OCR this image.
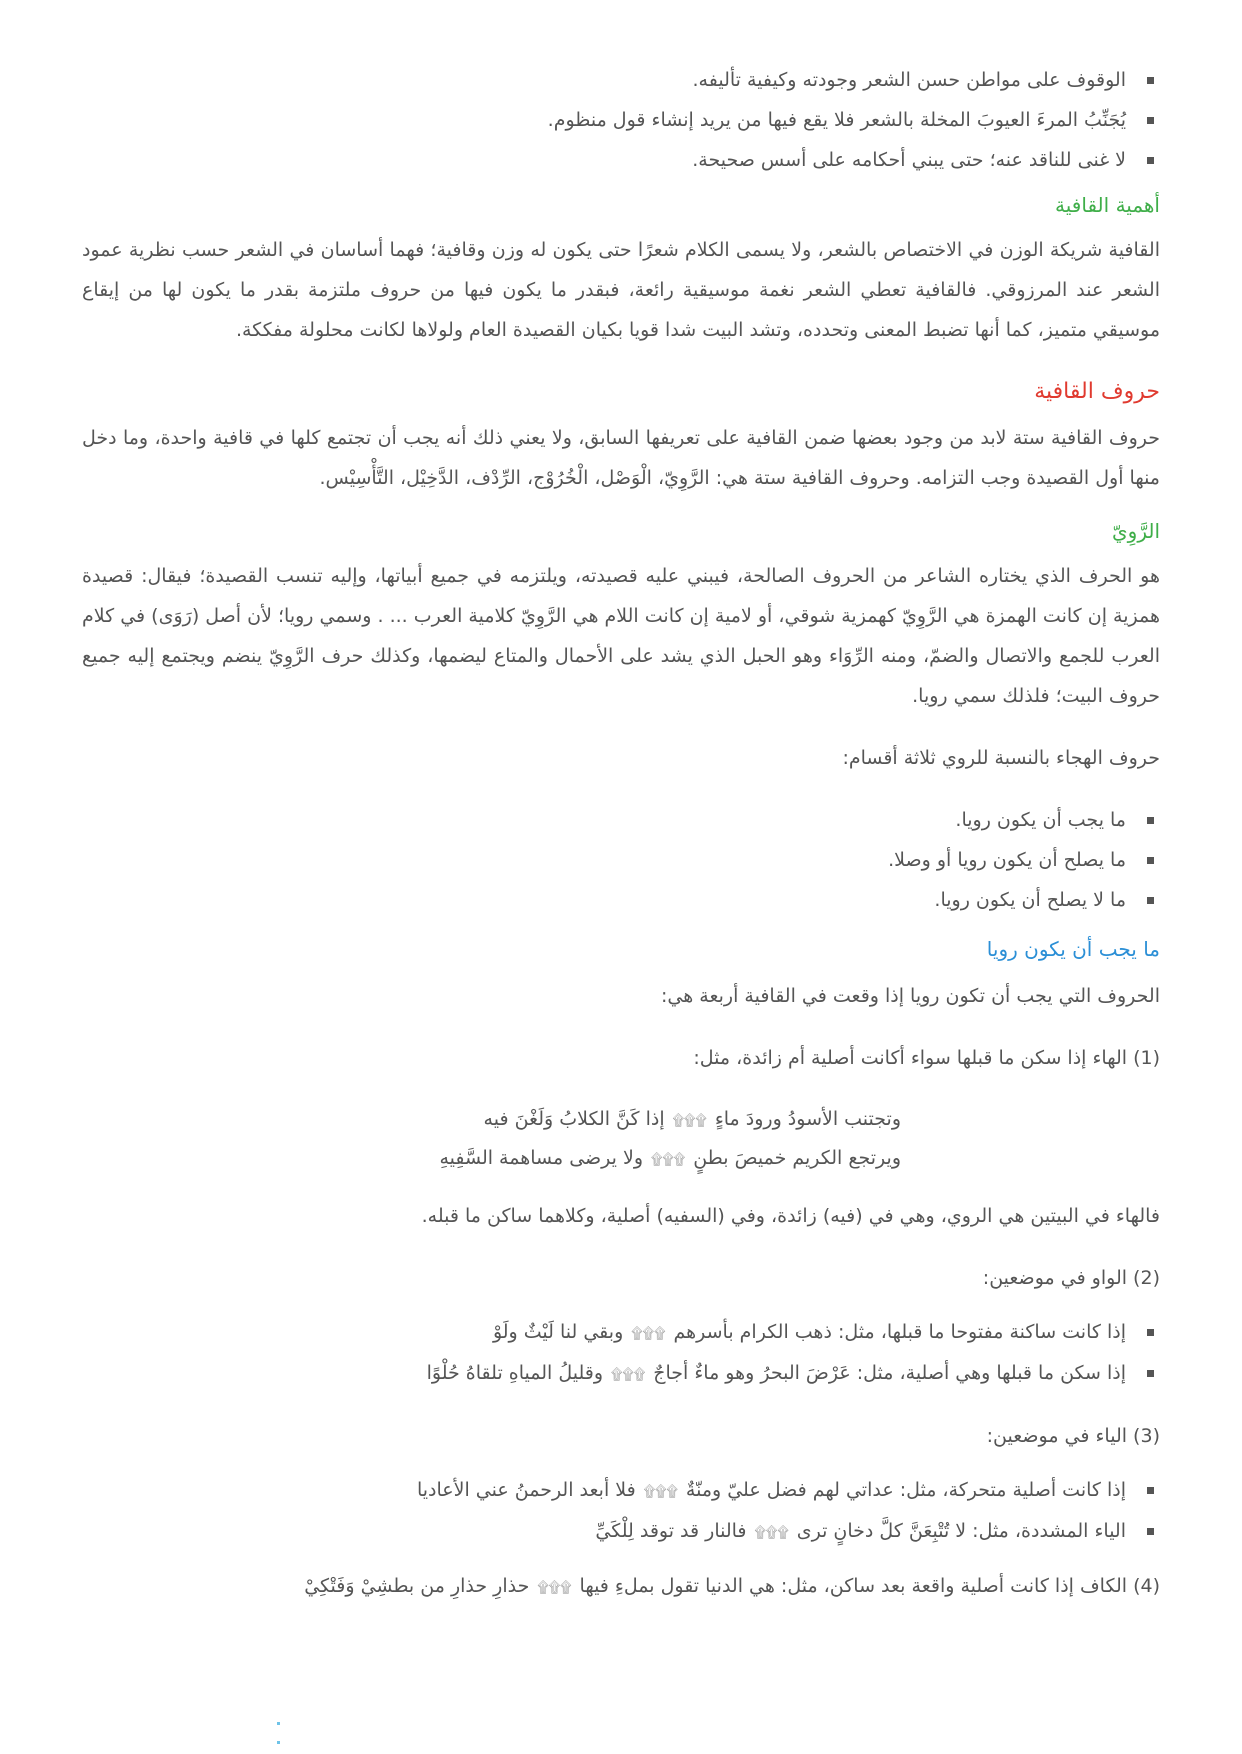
الوقوف على مواطن حسن الشعر وجودته وكيفية تأليفه.
يُجَنِّبُ المرءَ العيوبَ المخلة بالشعر فلا يقع فيها من يريد إنشاء قول منظوم.
لا غنى للناقد عنه؛ حتى يبني أحكامه على أسس صحيحة.
أهمية القافية

القافية شريكة الوزن في الاختصاص بالشعر، ولا يسمى الكلام شعرًا حتى يكون له وزن وقافية؛ فهما أساسان في الشعر حسب نظرية عمود الشعر عند المرزوقي. فالقافية تعطي الشعر نغمة موسيقية رائعة، فبقدر ما يكون فيها من حروف ملتزمة بقدر ما يكون لها من إيقاع موسيقي متميز، كما أنها تضبط المعنى وتحدده، وتشد البيت شدا قويا بكيان القصيدة العام ولولاها لكانت محلولة مفككة.

حروف القافية

حروف القافية ستة لابد من وجود بعضها ضمن القافية على تعريفها السابق، ولا يعني ذلك أنه يجب أن تجتمع كلها في قافية واحدة، وما دخل منها أول القصيدة وجب التزامه. وحروف القافية ستة هي: الرَّوِيّ، الْوَصْل، الْخُرُوْج، الرِّدْف، الدَّخِيْل، التَّأْسِيْس.

الرَّوِيّ

هو الحرف الذي يختاره الشاعر من الحروف الصالحة، فيبني عليه قصيدته، ويلتزمه في جميع أبياتها، وإليه تنسب القصيدة؛ فيقال: قصيدة همزية إن كانت الهمزة هي الرَّوِيّ كهمزية شوقي، أو لامية إن كانت اللام هي الرَّوِيّ كلامية العرب ... . وسمي رويا؛ لأن أصل (رَوَى) في كلام العرب للجمع والاتصال والضمّ، ومنه الرِّوَاء وهو الحبل الذي يشد على الأحمال والمتاع ليضمها، وكذلك حرف الرَّوِيّ ينضم ويجتمع إليه جميع حروف البيت؛ فلذلك سمي رويا.

حروف الهجاء بالنسبة للروي ثلاثة أقسام:

ما يجب أن يكون رويا.
ما يصلح أن يكون رويا أو وصلا.
ما لا يصلح أن يكون رويا.
ما يجب أن يكون رويا

الحروف التي يجب أن تكون رويا إذا وقعت في القافية أربعة هي:

(1) الهاء إذا سكن ما قبلها سواء أكانت أصلية أم زائدة، مثل:

وتجتنب الأسودُ ورودَ ماءٍ۩۩۩إذا كَنَّ الكلابُ وَلَغْنَ فيه
ويرتجع الكريم خميصَ بطنٍ۩۩۩ولا يرضى مساهمة السَّفِيهِ

فالهاء في البيتين هي الروي، وهي في (فيه) زائدة، وفي (السفيه) أصلية، وكلاهما ساكن ما قبله.

(2) الواو في موضعين:

إذا كانت ساكنة مفتوحا ما قبلها، مثل: ذهب الكرام بأسرهم۩۩۩وبقي لنا لَيْثٌ ولَوْ
إذا سكن ما قبلها وهي أصلية، مثل: عَرْضَ البحرُ وهو ماءٌ أجاجٌ۩۩۩وقليلُ المياهِ تلقاهُ حُلْوًا

(3) الياء في موضعين:

إذا كانت أصلية متحركة، مثل: عداتي لهم فضل عليّ ومنّةٌ۩۩۩فلا أبعد الرحمنُ عني الأعاديا
الياء المشددة، مثل: لا تُتْبِعَنَّ كلَّ دخانٍ ترى۩۩۩فالنار قد توقد لِلْكَيِّ

(4) الكاف إذا كانت أصلية واقعة بعد ساكن، مثل: هي الدنيا تقول بملءِ فيها۩۩۩حذارِ حذارِ من بطشِيْ وَفَتْكِيْ
